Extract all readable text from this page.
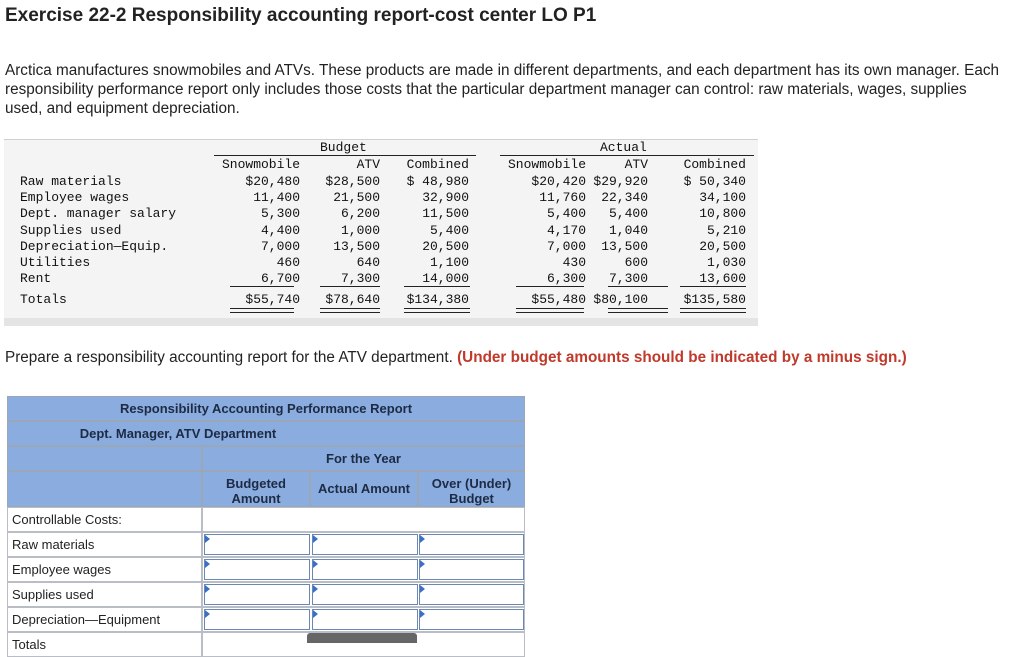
Exercise 22-2 Responsibility accounting report-cost center LO P1
Arctica manufactures snowmobiles and ATVs. These products are made in different departments, and each department has its own manager. Each responsibility performance report only includes those costs that the particular department manager can control: raw materials, wages, supplies used, and equipment depreciation.
Budget	Actual
Snowmobile	ATV	Combined	Snowmobile	ATV	Combined
Raw materials	$20,480	$28,500	$ 48,980	$20,420 $29,920	$ 50,340
Employee wages	11,400	21,500	32,900	11,760	22,340	34,100
Dept. manager salary	5,300	6,200	11,500	5,400	5,400	10,800
Supplies used	4,400	1,000	5,400	4,170	1,040	5,210
Depreciation—Equip.	7,000	13,500	20,500	7,000	13,500	20,500
Utilities	460	640	1,100	430	600	1,030
Rent	6,700	7,300	14,000	6,300	7,300	13,600
Totals	$55,740	$78,640	$134,380	$55,480 $80,100	$135,580
Prepare a responsibility accounting report for the ATV department. (Under budget amounts should be indicated by a minus sign.)
Responsibility Accounting Performance Report
Dept. Manager, ATV Department
For the Year
Budgeted Amount
Actual Amount	Over (Under) Budget
Controllable Costs:
Raw materials
Employee wages
Supplies used
Depreciation—Equipment
Totals
